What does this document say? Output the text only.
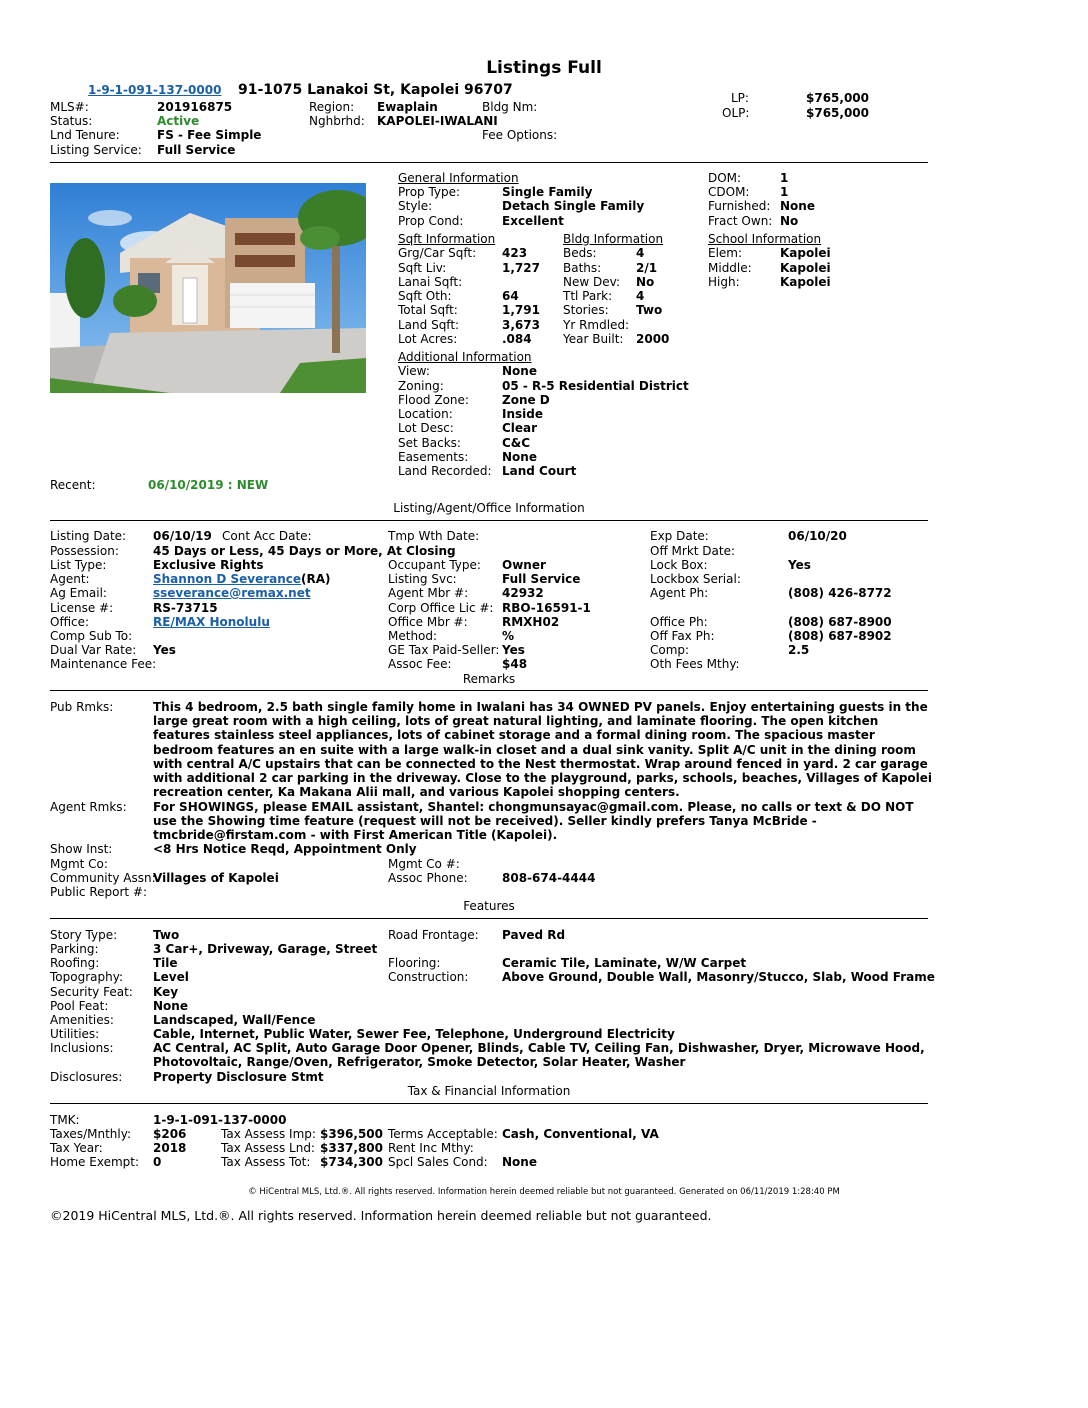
Listings Full
1-9-1-091-137-0000 91-1075 Lanakoi St, Kapolei 96707
MLS#:	201916875
Status:	Active
Lnd Tenure:	FS - Fee Simple
Listing Service: Full Service
Region: Ewaplain
Nghbrhd: KAPOLEI-IWALANI
Bldg Nm:
Fee Options:
LP:	$765,000
OLP:	$765,000
General Information
Prop Type:	Single Family
Style:	Detach Single Family
Prop Cond:	Excellent
DOM:	1
CDOM:	1
Furnished: None
Fract Own: No
Sqft Information	Bldg Information	School Information
Grg/Car Sqft: 423
Sqft Liv:	1,727
Lanai Sqft:
Sqft Oth:	64
Total Sqft:	1,791
Land Sqft:	3,673
Lot Acres:	.084
Beds:	4
Baths:	2/1
New Dev: No
Ttl Park: 4
Stories: Two
Yr Rmdled:
Year Built: 2000
Elem:	Kapolei
Middle: Kapolei
High:	Kapolei
Additional Information
View:	None
Zoning:	05 - R-5 Residential District
Flood Zone:	Zone D
Location:	Inside
Lot Desc:	Clear
Set Backs:	C&C
Easements:	None
Land Recorded: Land Court
Recent:	06/10/2019 : NEW
Listing/Agent/Office Information
Listing Date: 06/10/19 Cont Acc Date:
Possession:	45 Days or Less, 45 Days or More, At Closing
List Type:	Exclusive Rights
Agent:	Shannon D Severance(RA)
Ag Email:	sseverance@remax.net
License #:	RS-73715
Office:	RE/MAX Honolulu
Comp Sub To:
Dual Var Rate: Yes
Maintenance Fee:
Tmp Wth Date:
Occupant Type: Owner
Listing Svc:	Full Service
Agent Mbr #:	42932
Corp Office Lic #: RBO-16591-1
Office Mbr #:	RMXH02
Method:	%
GE Tax Paid-Seller: Yes
Assoc Fee:	$48
Exp Date:	06/10/20
Off Mrkt Date:
Lock Box:	Yes
Lockbox Serial:
Agent Ph:	(808) 426-8772
Office Ph:	(808) 687-8900
Off Fax Ph:	(808) 687-8902
Comp:	2.5
Oth Fees Mthy:
Remarks
Pub Rmks:	This 4 bedroom, 2.5 bath single family home in Iwalani has 34 OWNED PV panels. Enjoy entertaining guests in the large great room with a high ceiling, lots of great natural lighting, and laminate flooring. The open kitchen features stainless steel appliances, lots of cabinet storage and a formal dining room. The spacious master bedroom features an en suite with a large walk-in closet and a dual sink vanity. Split A/C unit in the dining room with central A/C upstairs that can be connected to the Nest thermostat. Wrap around fenced in yard. 2 car garage with additional 2 car parking in the driveway. Close to the playground, parks, schools, beaches, Villages of Kapolei recreation center, Ka Makana Alii mall, and various Kapolei shopping centers.
Agent Rmks: For SHOWINGS, please EMAIL assistant, Shantel: chongmunsayac@gmail.com. Please, no calls or text & DO NOT use the Showing time feature (request will not be received). Seller kindly prefers Tanya McBride - tmcbride@firstam.com - with First American Title (Kapolei).
Show Inst:	<8 Hrs Notice Reqd, Appointment Only
Mgmt Co:	Mgmt Co #:
Community Assn:
Villages of Kapolei	Assoc Phone:	808-674-4444
Public Report #:
Features
Story Type:	Two
Parking:	3 Car+, Driveway, Garage, Street
Roofing:	Tile
Topography:	Level
Security Feat: Key
Pool Feat:	None
Amenities:	Landscaped, Wall/Fence
Utilities:	Cable, Internet, Public Water, Sewer Fee, Telephone, Underground Electricity
Road Frontage: Paved Rd
Flooring:	Ceramic Tile, Laminate, W/W Carpet
Construction:	Above Ground, Double Wall, Masonry/Stucco, Slab, Wood Frame
Inclusions:	AC Central, AC Split, Auto Garage Door Opener, Blinds, Cable TV, Ceiling Fan, Dishwasher, Dryer, Microwave Hood, Photovoltaic, Range/Oven, Refrigerator, Smoke Detector, Solar Heater, Washer
Disclosures:	Property Disclosure Stmt
Tax & Financial Information
TMK:	1-9-1-091-137-0000
Taxes/Mnthly: $206
Tax Year:	2018
Home Exempt: 0
Tax Assess Imp: $396,500
Tax Assess Lnd: $337,800
Tax Assess Tot: $734,300
Terms Acceptable: Cash, Conventional, VA
Rent Inc Mthy:
Spcl Sales Cond: None
© HiCentral MLS, Ltd.®. All rights reserved. Information herein deemed reliable but not guaranteed. Generated on 06/11/2019 1:28:40 PM
©2019 HiCentral MLS, Ltd.®. All rights reserved. Information herein deemed reliable but not guaranteed.
